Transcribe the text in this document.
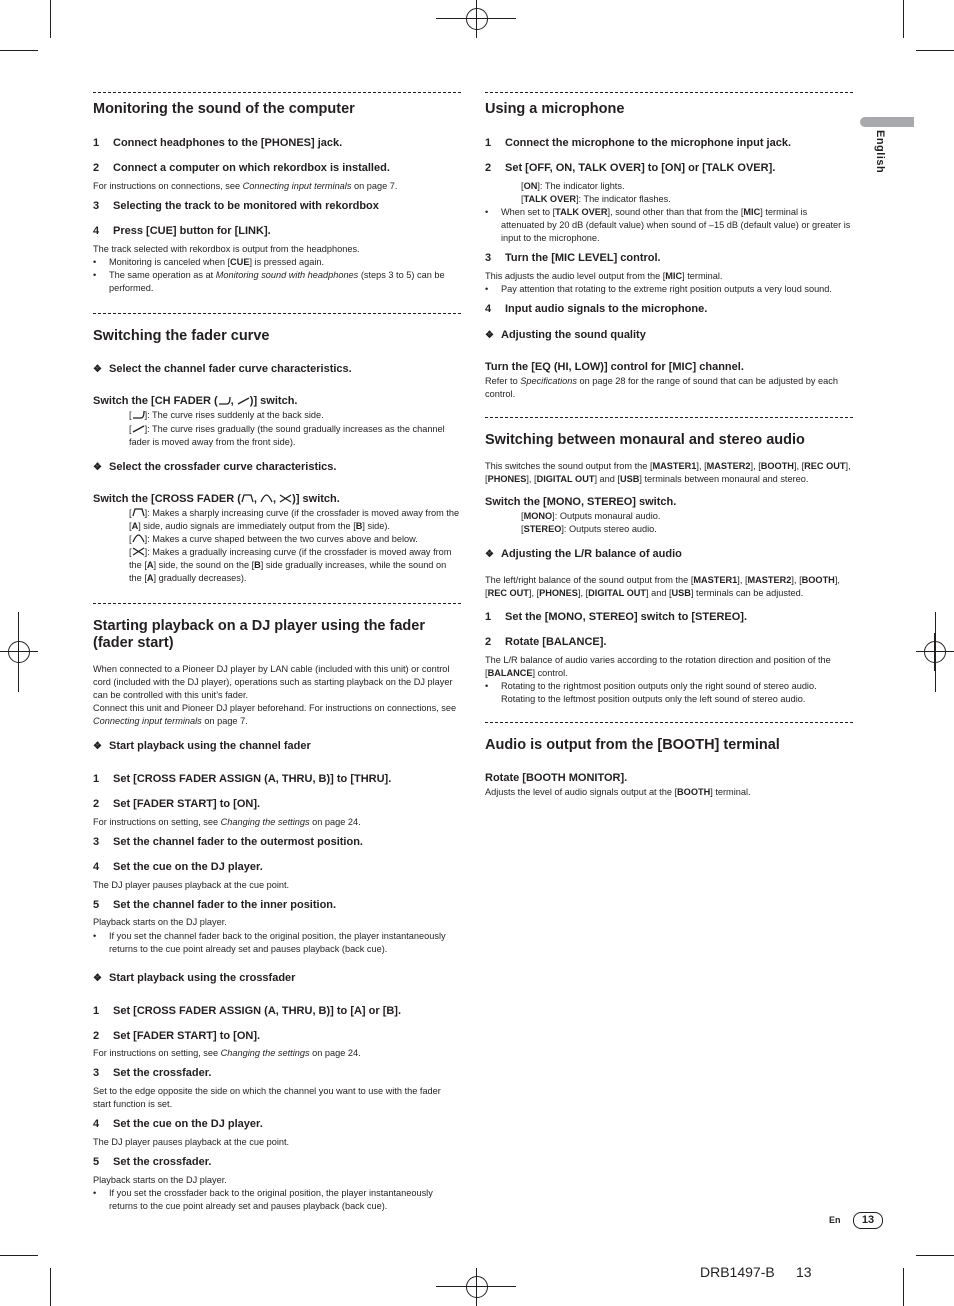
English
Monitoring the sound of the computer
1 Connect headphones to the [PHONES] jack.
2 Connect a computer on which rekordbox is installed.

For instructions on connections, see Connecting input terminals on page 7.

3 Selecting the track to be monitored with rekordbox
4 Press [CUE] button for [LINK].

The track selected with rekordbox is output from the headphones.

• Monitoring is canceled when [CUE] is pressed again.

• The same operation as at Monitoring sound with headphones (steps 3 to 5) can be performed.

Switching the fader curve
❖ Select the channel fader curve characteristics.
Switch the [CH FADER ( ,
)] switch.

[ ]: The curve rises suddenly at the back side.

[ ]: The curve rises gradually (the sound gradually increases as the channel fader is moved away from the front side).

❖ Select the crossfader curve characteristics.
Switch the [CROSS FADER ( ,
,
)] switch.

[ ]: Makes a sharply increasing curve (if the crossfader is moved away from the [A] side, audio signals are immediately output from the [B] side).

[ ]: Makes a curve shaped between the two curves above and below.

[ ]: Makes a gradually increasing curve (if the crossfader is moved away from the [A] side, the sound on the [B] side gradually increases, while the sound on the [A] gradually decreases).

Starting playback on a DJ player using the fader (fader start)

When connected to a Pioneer DJ player by LAN cable (included with this unit) or control cord (included with the DJ player), operations such as starting playback on the DJ player can be controlled with this unit’s fader.

Connect this unit and Pioneer DJ player beforehand. For instructions on connections, see Connecting input terminals on page 7.

❖ Start playback using the channel fader
1 Set [CROSS FADER ASSIGN (A, THRU, B)] to [THRU].
2 Set [FADER START] to [ON].

For instructions on setting, see Changing the settings on page 24.

3 Set the channel fader to the outermost position.
4 Set the cue on the DJ player.

The DJ player pauses playback at the cue point.

5 Set the channel fader to the inner position.

Playback starts on the DJ player.

• If you set the channel fader back to the original position, the player instantaneously returns to the cue point already set and pauses playback (back cue).

❖ Start playback using the crossfader
1 Set [CROSS FADER ASSIGN (A, THRU, B)] to [A] or [B].
2 Set [FADER START] to [ON].

For instructions on setting, see Changing the settings on page 24.

3 Set the crossfader.

Set to the edge opposite the side on which the channel you want to use with the fader start function is set.

4 Set the cue on the DJ player.

The DJ player pauses playback at the cue point.

5 Set the crossfader.

Playback starts on the DJ player.

• If you set the crossfader back to the original position, the player instantaneously returns to the cue point already set and pauses playback (back cue).

Using a microphone
1 Connect the microphone to the microphone input jack.
2 Set [OFF, ON, TALK OVER] to [ON] or [TALK OVER].

[ON]: The indicator lights.

[TALK OVER]: The indicator flashes.

• When set to [TALK OVER], sound other than that from the [MIC] terminal is attenuated by 20 dB (default value) when sound of –15 dB (default value) or greater is input to the microphone.

3 Turn the [MIC LEVEL] control.

This adjusts the audio level output from the [MIC] terminal.

• Pay attention that rotating to the extreme right position outputs a very loud sound.

4 Input audio signals to the microphone.
❖ Adjusting the sound quality
Turn the [EQ (HI, LOW)] control for [MIC] channel.

Refer to Specifications on page 28 for the range of sound that can be adjusted by each control.

Switching between monaural and stereo audio

This switches the sound output from the [MASTER1], [MASTER2], [BOOTH], [REC OUT], [PHONES], [DIGITAL OUT] and [USB] terminals between monaural and stereo.

Switch the [MONO, STEREO] switch.

[MONO]: Outputs monaural audio.

[STEREO]: Outputs stereo audio.

❖ Adjusting the L/R balance of audio

The left/right balance of the sound output from the [MASTER1], [MASTER2], [BOOTH], [REC OUT], [PHONES], [DIGITAL OUT] and [USB] terminals can be adjusted.

1 Set the [MONO, STEREO] switch to [STEREO].
2 Rotate [BALANCE].

The L/R balance of audio varies according to the rotation direction and position of the [BALANCE] control.

• Rotating to the rightmost position outputs only the right sound of stereo audio. Rotating to the leftmost position outputs only the left sound of stereo audio.

Audio is output from the [BOOTH] terminal
Rotate [BOOTH MONITOR].

Adjusts the level of audio signals output at the [BOOTH] terminal.

En	13
DRB1497-B 13
